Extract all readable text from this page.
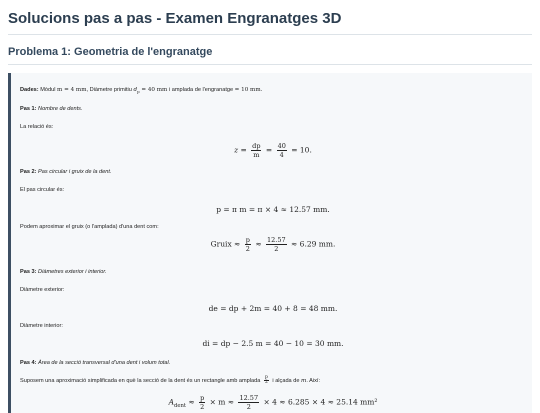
Solucions pas a pas - Examen Engranatges 3D
Problema 1: Geometria de l'engranatge
Dades: Mòdul m = 4 mm, Diàmetre primitiu $d_p = 40$ mm i amplada de l'engranatge = 10 mm.
Pas 1: Nombre de dents.
La relació és:
$z = \frac{dp}{m} = \frac{40}{4} = 10$.
Pas 2: Pas circular i gruix de la dent.
El pas circular és:
p = π m = π × 4 ≈ 12.57 mm.
Podem aproximar el gruix (o l'amplada) d'una dent com:
Gruix ≈ $\frac{p}{2} \approx \frac{12.57}{2} \approx 6.29$ mm.
Pas 3: Diàmetres exterior i interior.
Diàmetre exterior:
de = dp + 2m = 40 + 8 = 48 mm.
Diàmetre interior:
di = dp − 2.5 m = 40 − 10 = 30 mm.
Pas 4: Àrea de la secció transversal d'una dent i volum total.
Suposem una aproximació simplificada en què la secció de la dent és un rectangle amb amplada $\frac{p}{2}$ i alçada de m. Així:
$A_{dent} \approx \frac{p}{2} \times m \approx \frac{12.57}{2} \times 4 \approx 6.285 \times 4 \approx 25.14$ mm²
